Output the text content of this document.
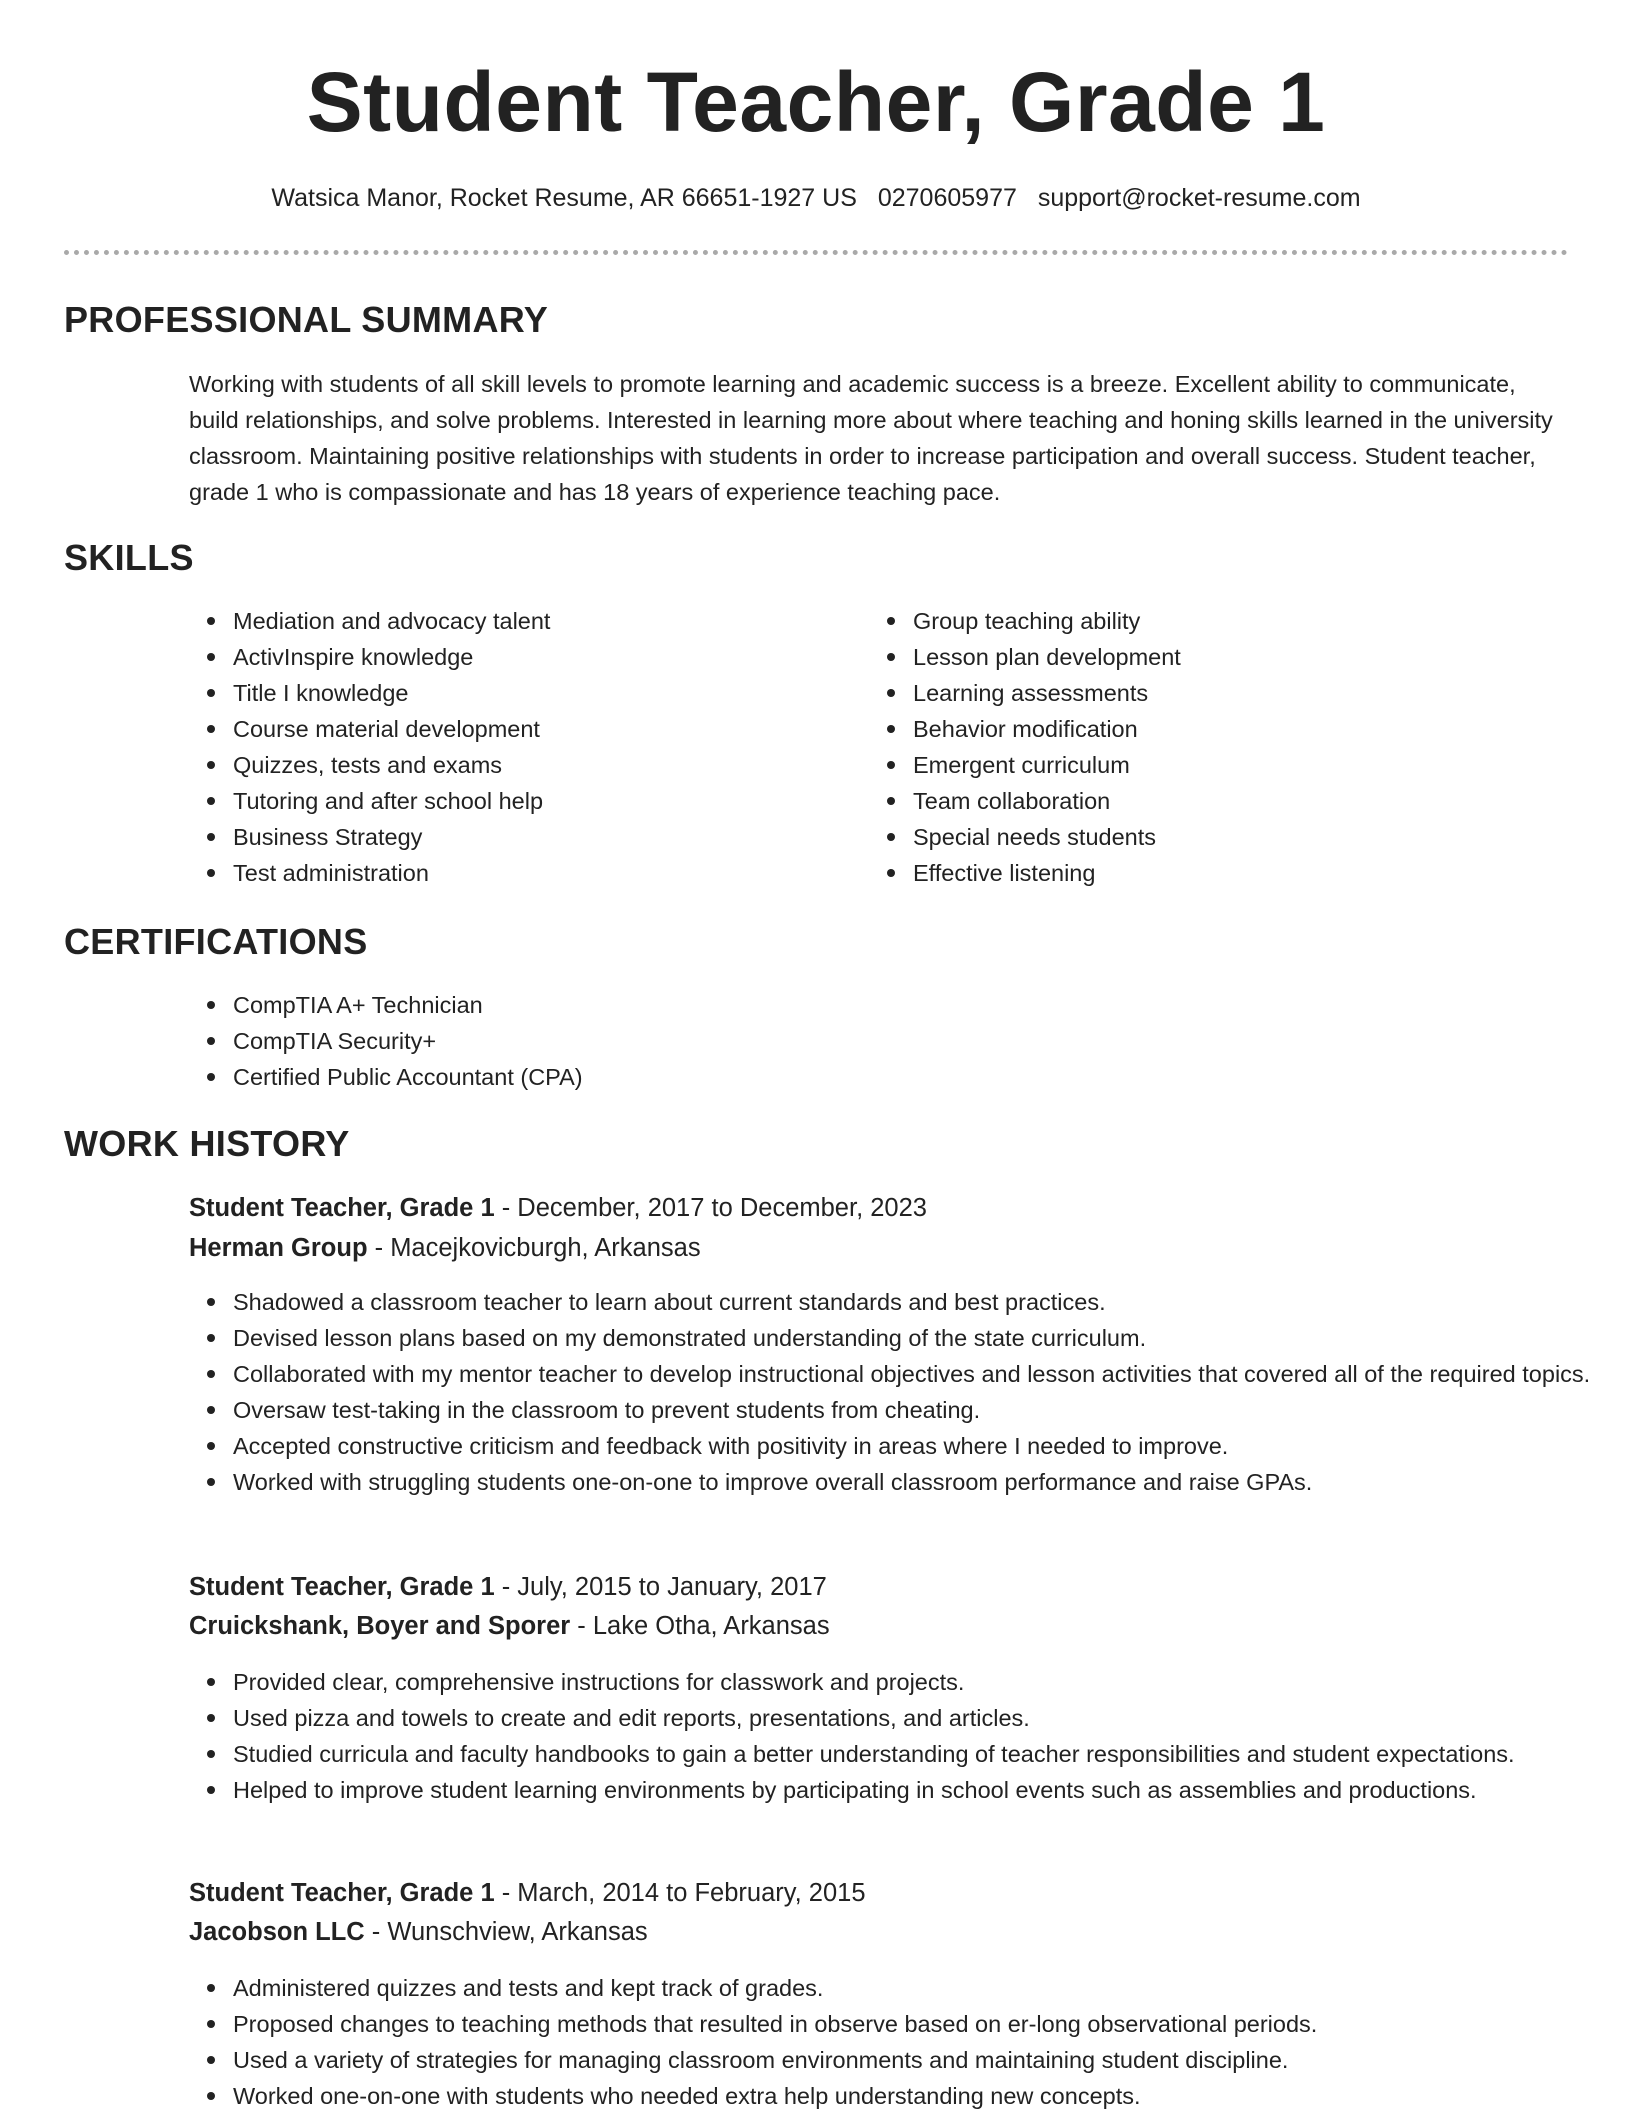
Student Teacher, Grade 1
Watsica Manor, Rocket Resume, AR 66651-1927 US 0270605977 support@rocket-resume.com
PROFESSIONAL SUMMARY

Working with students of all skill levels to promote learning and academic success is a breeze. Excellent ability to communicate, build relationships, and solve problems. Interested in learning more about where teaching and honing skills learned in the university classroom. Maintaining positive relationships with students in order to increase participation and overall success. Student teacher, grade 1 who is compassionate and has 18 years of experience teaching pace.

SKILLS
Mediation and advocacy talent
ActivInspire knowledge
Title I knowledge
Course material development
Quizzes, tests and exams
Tutoring and after school help
Business Strategy
Test administration
Group teaching ability
Lesson plan development
Learning assessments
Behavior modification
Emergent curriculum
Team collaboration
Special needs students
Effective listening
CERTIFICATIONS
CompTIA A+ Technician
CompTIA Security+
Certified Public Accountant (CPA)
WORK HISTORY

Student Teacher, Grade 1 - December, 2017 to December, 2023

Herman Group - Macejkovicburgh, Arkansas

Shadowed a classroom teacher to learn about current standards and best practices.
Devised lesson plans based on my demonstrated understanding of the state curriculum.
Collaborated with my mentor teacher to develop instructional objectives and lesson activities that covered all of the required topics.
Oversaw test-taking in the classroom to prevent students from cheating.
Accepted constructive criticism and feedback with positivity in areas where I needed to improve.
Worked with struggling students one-on-one to improve overall classroom performance and raise GPAs.

Student Teacher, Grade 1 - July, 2015 to January, 2017

Cruickshank, Boyer and Sporer - Lake Otha, Arkansas

Provided clear, comprehensive instructions for classwork and projects.
Used pizza and towels to create and edit reports, presentations, and articles.
Studied curricula and faculty handbooks to gain a better understanding of teacher responsibilities and student expectations.
Helped to improve student learning environments by participating in school events such as assemblies and productions.

Student Teacher, Grade 1 - March, 2014 to February, 2015

Jacobson LLC - Wunschview, Arkansas

Administered quizzes and tests and kept track of grades.
Proposed changes to teaching methods that resulted in observe based on er-long observational periods.
Used a variety of strategies for managing classroom environments and maintaining student discipline.
Worked one-on-one with students who needed extra help understanding new concepts.
